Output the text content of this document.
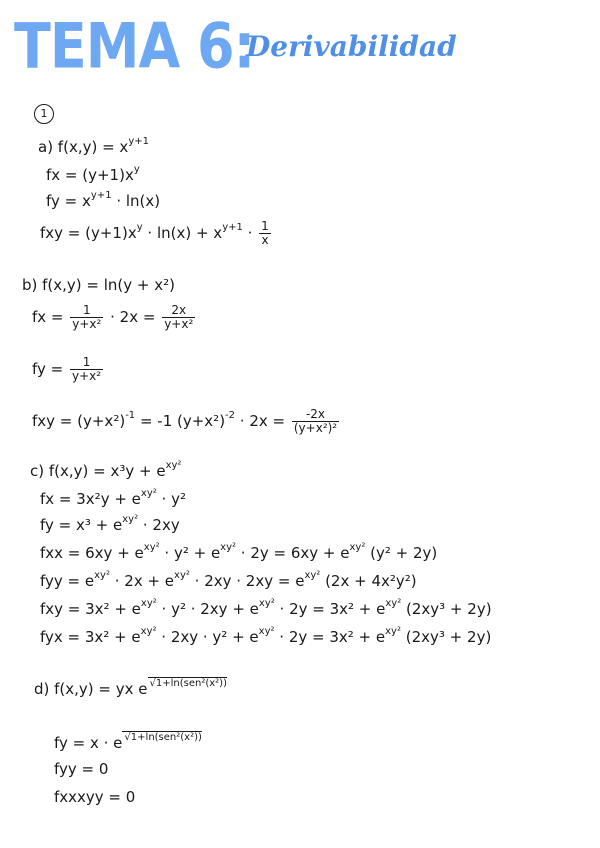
TEMA 6:
Derivabilidad
1
a) $f(x,y) = x^{y+1}$
fx = $(y+1)x^y$
fy = $x^{y+1} \cdot \ln(x)$
fxy = $(y+1)x^y \cdot \ln(x) + x^{y+1} \cdot \frac{1}{x}$
b) f(x,y) = ln(y + x²)
fx = $\frac{1}{\text{y+x²}} \cdot 2x = \frac{2x}{\text{y+x²}}$
fy = $\frac{1}{\text{y+x²}}$
fxy = $(y+x^2)^{-1} = -1$ $(y+x^2)^{-2} \cdot 2x = \frac{-2x}{\text{(y+x²)²}}$
c) $f(x,y) = x^3y + e^{xy^2}$
fx = $3x^2y + e^{xy^2} \cdot y^2$
fy = $x^3 + e^{xy^2} \cdot 2xy$
fxx = $6xy + e^{xy^2} \cdot y^2 + e^{xy^2} \cdot 2y = 6xy + e^{xy^2}$ (y² + 2y)
fyy = $e^{xy^2} \cdot 2x + e^{xy^2} \cdot 2xy \cdot 2xy = e^{xy^2}$ (2x + 4x²y²)
fxy = $3x^2 + e^{xy^2} \cdot y^2 \cdot 2xy + e^{xy^2} \cdot 2y = 3x^2 + e^{xy^2}$ (2xy³ + 2y)
fyx = $3x^2 + e^{xy^2} \cdot 2xy \cdot y^2 + e^{xy^2} \cdot 2y = 3x^2 + e^{xy^2}$ (2xy³ + 2y)
d) f(x,y) = yx e $^{√1+ln(sen^2(x^2))}$
fy = x · e $^{√1+ln(sen^2(x^2))}$
fyy = 0
fxxxyy = 0
